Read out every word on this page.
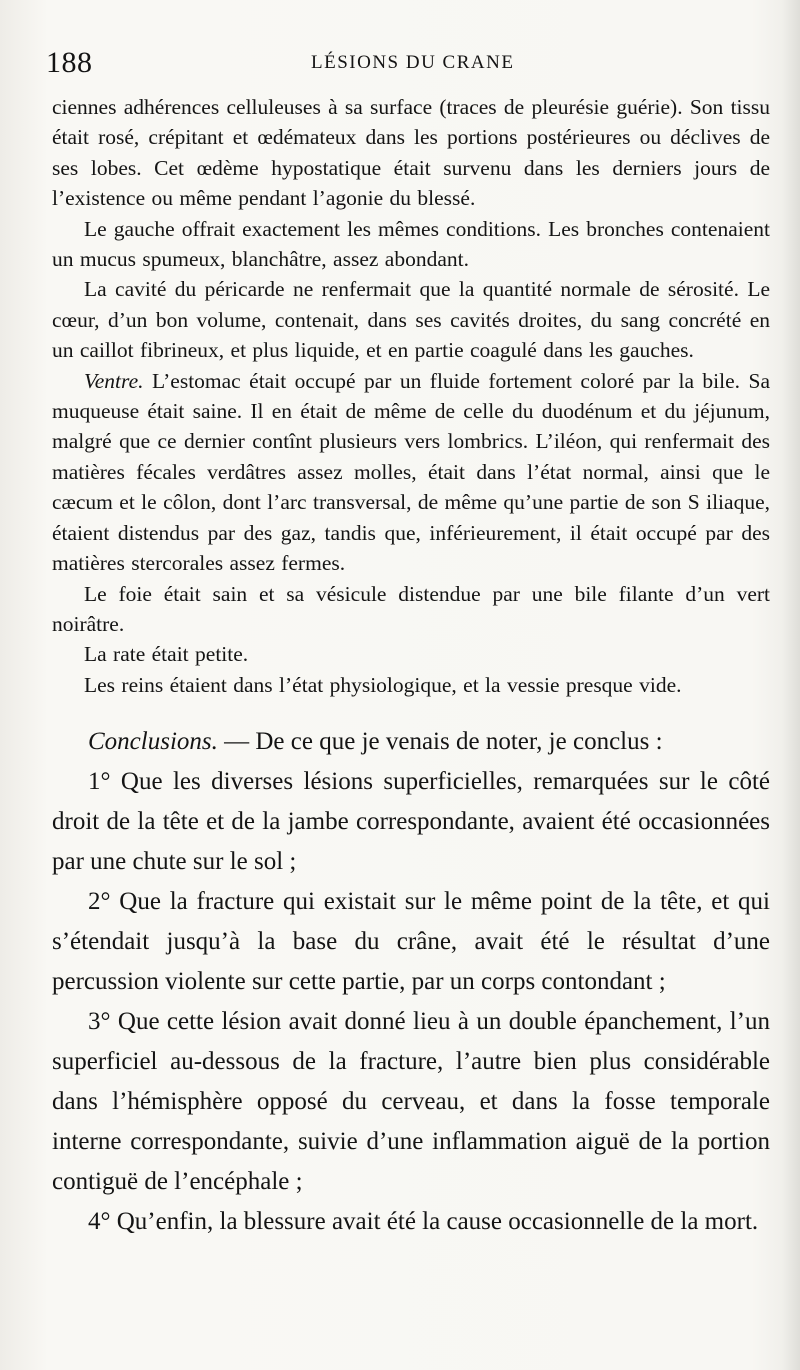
188	LÉSIONS DU CRANE

ciennes adhérences celluleuses à sa surface (traces de pleurésie guérie). Son tissu était rosé, crépitant et œdémateux dans les portions postérieures ou déclives de ses lobes. Cet œdème hypostatique était survenu dans les derniers jours de l’existence ou même pendant l’agonie du blessé.

Le gauche offrait exactement les mêmes conditions. Les bronches contenaient un mucus spumeux, blanchâtre, assez abondant.

La cavité du péricarde ne renfermait que la quantité normale de sérosité. Le cœur, d’un bon volume, contenait, dans ses cavités droites, du sang concrété en un caillot fibrineux, et plus liquide, et en partie coagulé dans les gauches.

Ventre. L’estomac était occupé par un fluide fortement coloré par la bile. Sa muqueuse était saine. Il en était de même de celle du duodénum et du jéjunum, malgré que ce dernier contînt plusieurs vers lombrics. L’iléon, qui renfermait des matières fécales verdâtres assez molles, était dans l’état normal, ainsi que le cæcum et le côlon, dont l’arc transversal, de même qu’une partie de son S iliaque, étaient distendus par des gaz, tandis que, inférieurement, il était occupé par des matières stercorales assez fermes.

Le foie était sain et sa vésicule distendue par une bile filante d’un vert noirâtre.

La rate était petite.

Les reins étaient dans l’état physiologique, et la vessie presque vide.

Conclusions. — De ce que je venais de noter, je conclus :

1° Que les diverses lésions superficielles, remarquées sur le côté droit de la tête et de la jambe correspondante, avaient été occasionnées par une chute sur le sol ;

2° Que la fracture qui existait sur le même point de la tête, et qui s’étendait jusqu’à la base du crâne, avait été le résultat d’une percussion violente sur cette partie, par un corps contondant ;

3° Que cette lésion avait donné lieu à un double épanchement, l’un superficiel au-dessous de la fracture, l’autre bien plus considérable dans l’hémisphère opposé du cerveau, et dans la fosse temporale interne correspondante, suivie d’une inflammation aiguë de la portion contiguë de l’encéphale ;

4° Qu’enfin, la blessure avait été la cause occasionnelle de la mort.
